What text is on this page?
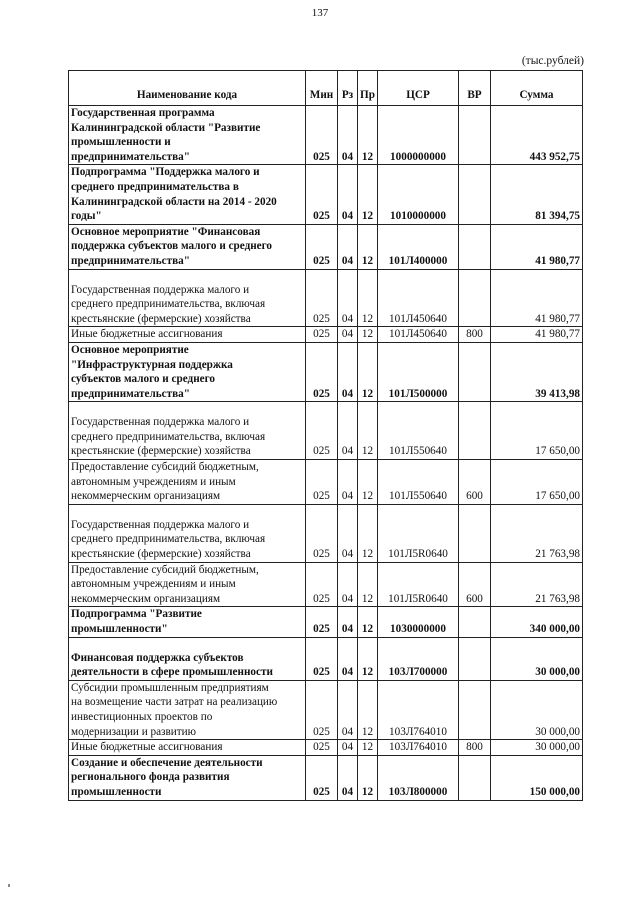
137
(тыс.рублей)
Наименование кода	Мин	Рз	Пр	ЦСР	ВР	Сумма
Государственная программа
Калининградской области "Развитие
промышленности и
предпринимательства"	025	04	12	1000000000		443 952,75
Подпрограмма "Поддержка малого и
среднего предпринимательства в
Калининградской области на 2014 - 2020
годы"	025	04	12	1010000000		81 394,75
Основное мероприятие "Финансовая
поддержка субъектов малого и среднего
предпринимательства"	025	04	12	101Л400000		41 980,77
Государственная поддержка малого и
среднего предпринимательства, включая
крестьянские (фермерские) хозяйства	025	04	12	101Л450640		41 980,77
Иные бюджетные ассигнования	025	04	12	101Л450640	800	41 980,77
Основное мероприятие
"Инфраструктурная поддержка
субъектов малого и среднего
предпринимательства"	025	04	12	101Л500000		39 413,98
Государственная поддержка малого и
среднего предпринимательства, включая
крестьянские (фермерские) хозяйства	025	04	12	101Л550640		17 650,00
Предоставление субсидий бюджетным,
автономным учреждениям и иным
некоммерческим организациям	025	04	12	101Л550640	600	17 650,00
Государственная поддержка малого и
среднего предпринимательства, включая
крестьянские (фермерские) хозяйства	025	04	12	101Л5R0640		21 763,98
Предоставление субсидий бюджетным,
автономным учреждениям и иным
некоммерческим организациям	025	04	12	101Л5R0640	600	21 763,98
Подпрограмма "Развитие
промышленности"	025	04	12	1030000000		340 000,00
Финансовая поддержка субъектов
деятельности в сфере промышленности	025	04	12	103Л700000		30 000,00
Субсидии промышленным предприятиям
на возмещение части затрат на реализацию
инвестиционных проектов по
модернизации и развитию	025	04	12	103Л764010		30 000,00
Иные бюджетные ассигнования	025	04	12	103Л764010	800	30 000,00
Создание и обеспечение деятельности
регионального фонда развития
промышленности	025	04	12	103Л800000		150 000,00
